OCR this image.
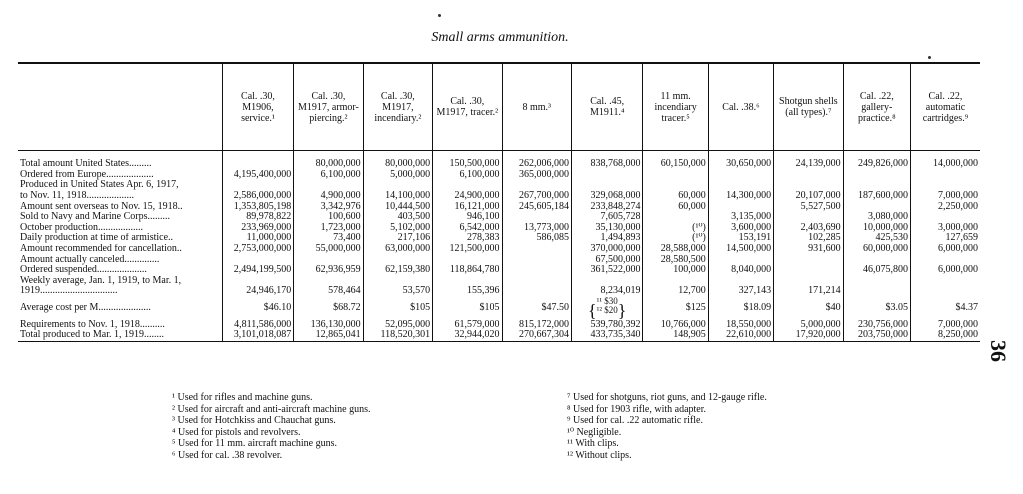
Small arms ammunition.
36
	Cal. .30, M1906, service.¹	Cal. .30, M1917, armor-piercing.²	Cal. .30, M1917, incendiary.²	Cal. .30, M1917, tracer.²	8 mm.³	Cal. .45, M1911.⁴	11 mm. incendiary tracer.⁵	Cal. .38.⁶	Shotgun shells (all types).⁷	Cal. .22, gallery-practice.⁸	Cal. .22, automatic cartridges.⁹
Total amount United States.........		80,000,000	80,000,000	150,500,000	262,006,000	838,768,000	60,150,000	30,650,000	24,139,000	249,826,000	14,000,000
Ordered from Europe...................	4,195,400,000	6,100,000	5,000,000	6,100,000	365,000,000						
Produced in United States Apr. 6, 1917,											
to Nov. 11, 1918...................	2,586,000,000	4,900,000	14,100,000	24,900,000	267,700,000	329,068,000	60,000	14,300,000	20,107,000	187,600,000	7,000,000
Amount sent overseas to Nov. 15, 1918..	1,353,805,198	3,342,976	10,444,500	16,121,000	245,605,184	233,848,274	60,000		5,527,500		2,250,000
Sold to Navy and Marine Corps.........	89,978,822	100,600	403,500	946,100		7,605,728		3,135,000		3,080,000	
October production..................	233,969,000	1,723,000	5,102,000	6,542,000	13,773,000	35,130,000	(¹⁰)	3,600,000	2,403,690	10,000,000	3,000,000
Daily production at time of armistice..	11,000,000	73,400	217,106	278,383	586,085	1,494,893	(¹⁰)	153,191	102,285	425,530	127,659
Amount recommended for cancellation..	2,753,000,000	55,000,000	63,000,000	121,500,000		370,000,000	28,588,000	14,500,000	931,600	60,000,000	6,000,000
Amount actually canceled..............						67,500,000	28,580,500				
Ordered suspended....................	2,494,199,500	62,936,959	62,159,380	118,864,780		361,522,000	100,000	8,040,000		46,075,800	6,000,000
Weekly average, Jan. 1, 1919, to Mar. 1,											
1919...............................	24,946,170	578,464	53,570	155,396		8,234,019	12,700	327,143	171,214		
Average cost per M.....................	$46.10	$68.72	$105	$105	$47.50	{¹¹ $30
¹² $20}	$125	$18.09	$40	$3.05	$4.37
Requirements to Nov. 1, 1918..........	4,811,586,000	136,130,000	52,095,000	61,579,000	815,172,000	539,780,392	10,766,000	18,550,000	5,000,000	230,756,000	7,000,000
Total produced to Mar. 1, 1919........	3,101,018,087	12,865,041	118,520,301	32,944,020	270,667,304	433,735,340	148,905	22,610,000	17,920,000	203,750,000	8,250,000
¹ Used for rifles and machine guns.
² Used for aircraft and anti-aircraft machine guns.
³ Used for Hotchkiss and Chauchat guns.
⁴ Used for pistols and revolvers.
⁵ Used for 11 mm. aircraft machine guns.
⁶ Used for cal. .38 revolver.
⁷ Used for shotguns, riot guns, and 12-gauge rifle.
⁸ Used for 1903 rifle, with adapter.
⁹ Used for cal. .22 automatic rifle.
¹⁰ Negligible.
¹¹ With clips.
¹² Without clips.
